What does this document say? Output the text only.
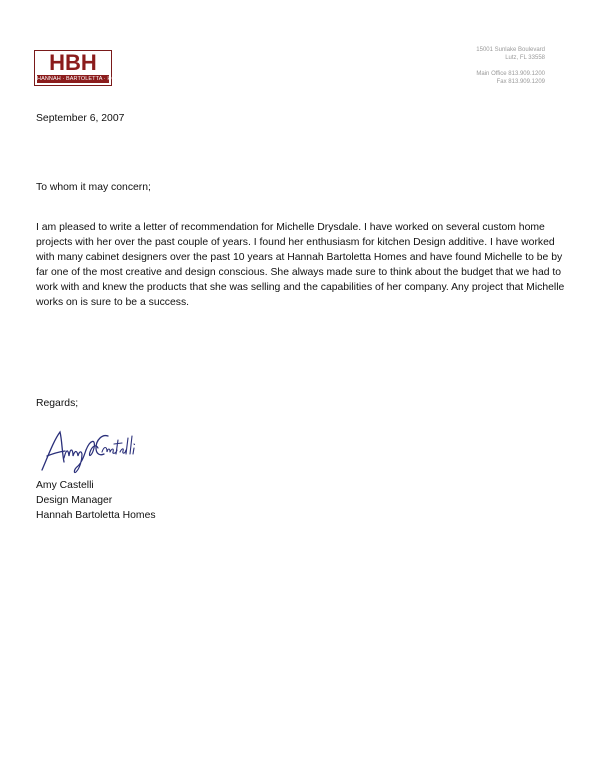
HBH
HANNAH · BARTOLETTA · HOMES
15001 Sunlake Boulevard
Lutz, FL 33558
Main Office 813.909.1200
Fax 813.909.1209
September 6, 2007
To whom it may concern;
I am pleased to write a letter of recommendation for Michelle Drysdale. I have worked on several custom home projects with her over the past couple of years. I found her enthusiasm for kitchen Design additive. I have worked with many cabinet designers over the past 10 years at Hannah Bartoletta Homes and have found Michelle to be by far one of the most creative and design conscious. She always made sure to think about the budget that we had to work with and knew the products that she was selling and the capabilities of her company. Any project that Michelle works on is sure to be a success.
Regards;
Amy Castelli
Amy Castelli
Design Manager
Hannah Bartoletta Homes
